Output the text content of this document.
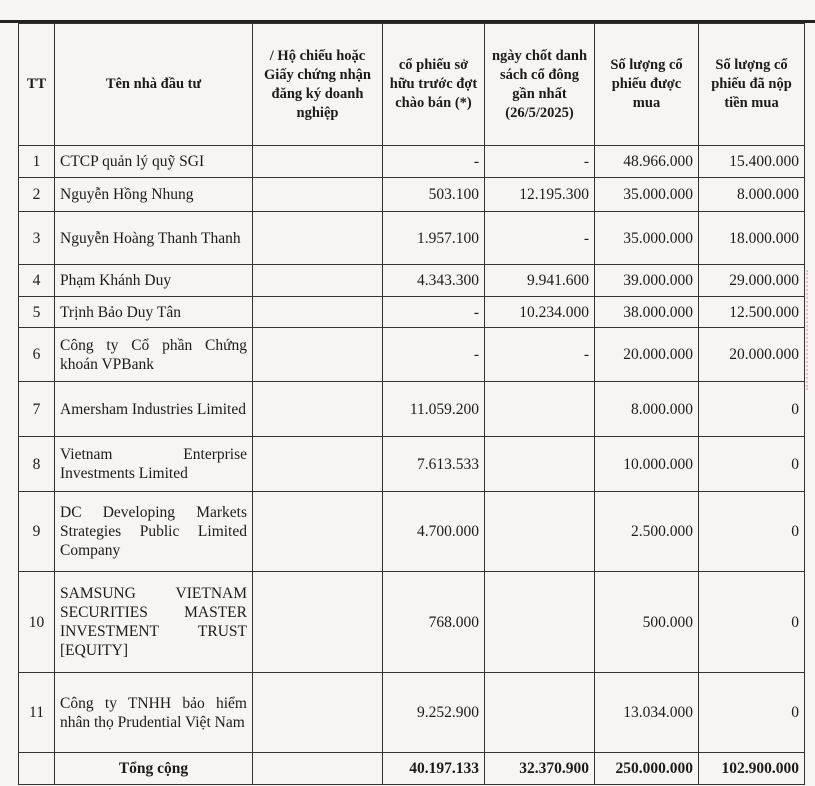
TT	Tên nhà đầu tư	/ Hộ chiếu hoặc Giấy chứng nhận đăng ký doanh nghiệp	cổ phiếu sở hữu trước đợt chào bán (*)	ngày chốt danh sách cổ đông gần nhất (26/5/2025)	Số lượng cổ phiếu được mua	Số lượng cổ phiếu đã nộp tiền mua
1	CTCP quản lý quỹ SGI		-	-	48.966.000	15.400.000
2	Nguyễn Hồng Nhung		503.100	12.195.300	35.000.000	8.000.000
3	Nguyễn Hoàng Thanh Thanh		1.957.100	-	35.000.000	18.000.000
4	Phạm Khánh Duy		4.343.300	9.941.600	39.000.000	29.000.000
5	Trịnh Bảo Duy Tân		-	10.234.000	38.000.000	12.500.000
6	Công ty Cổ phần Chứng khoán VPBank		-	-	20.000.000	20.000.000
7	Amersham Industries Limited		11.059.200		8.000.000	0
8	Vietnam Enterprise Investments Limited		7.613.533		10.000.000	0
9	DC Developing Markets Strategies Public Limited Company		4.700.000		2.500.000	0
10	SAMSUNG VIETNAM SECURITIES MASTER INVESTMENT TRUST [EQUITY]		768.000		500.000	0
11	Công ty TNHH bảo hiểm nhân thọ Prudential Việt Nam		9.252.900		13.034.000	0
	Tổng cộng		40.197.133	32.370.900	250.000.000	102.900.000
